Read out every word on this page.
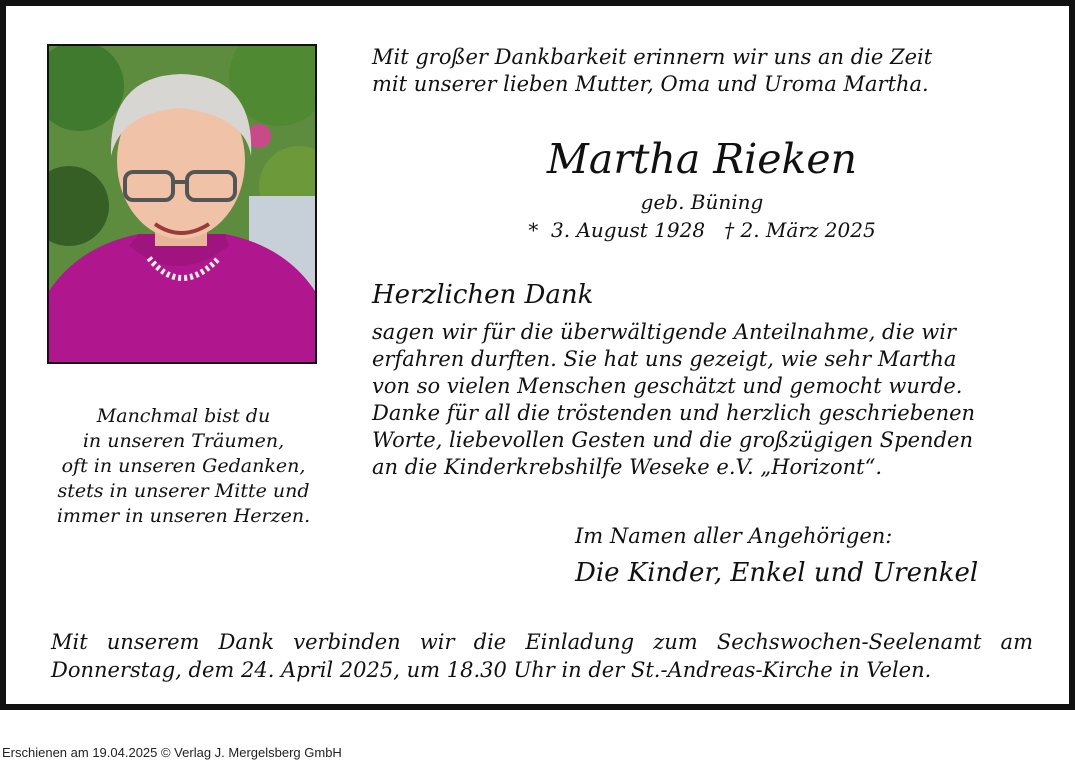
Mit großer Dankbarkeit erinnern wir uns an die Zeit
mit unserer lieben Mutter, Oma und Uroma Martha.
Martha Rieken
geb. Büning
*  3. August 1928   † 2. März 2025
Herzlichen Dank
sagen wir für die überwältigende Anteilnahme, die wir
erfahren durften. Sie hat uns gezeigt, wie sehr Martha
von so vielen Menschen geschätzt und gemocht wurde.
Danke für all die tröstenden und herzlich geschriebenen
Worte, liebevollen Gesten und die großzügigen Spenden
an die Kinderkrebshilfe Weseke e.V. „Horizont“.
Manchmal bist du
in unseren Träumen,
oft in unseren Gedanken,
stets in unserer Mitte und
immer in unseren Herzen.
Im Namen aller Angehörigen:
Die Kinder, Enkel und Urenkel
Mit unserem Dank verbinden wir die Einladung zum Sechswochen-Seelenamt am
Donnerstag, dem 24. April 2025, um 18.30 Uhr in der St.-Andreas-Kirche in Velen.
Erschienen am 19.04.2025 © Verlag J. Mergelsberg GmbH
